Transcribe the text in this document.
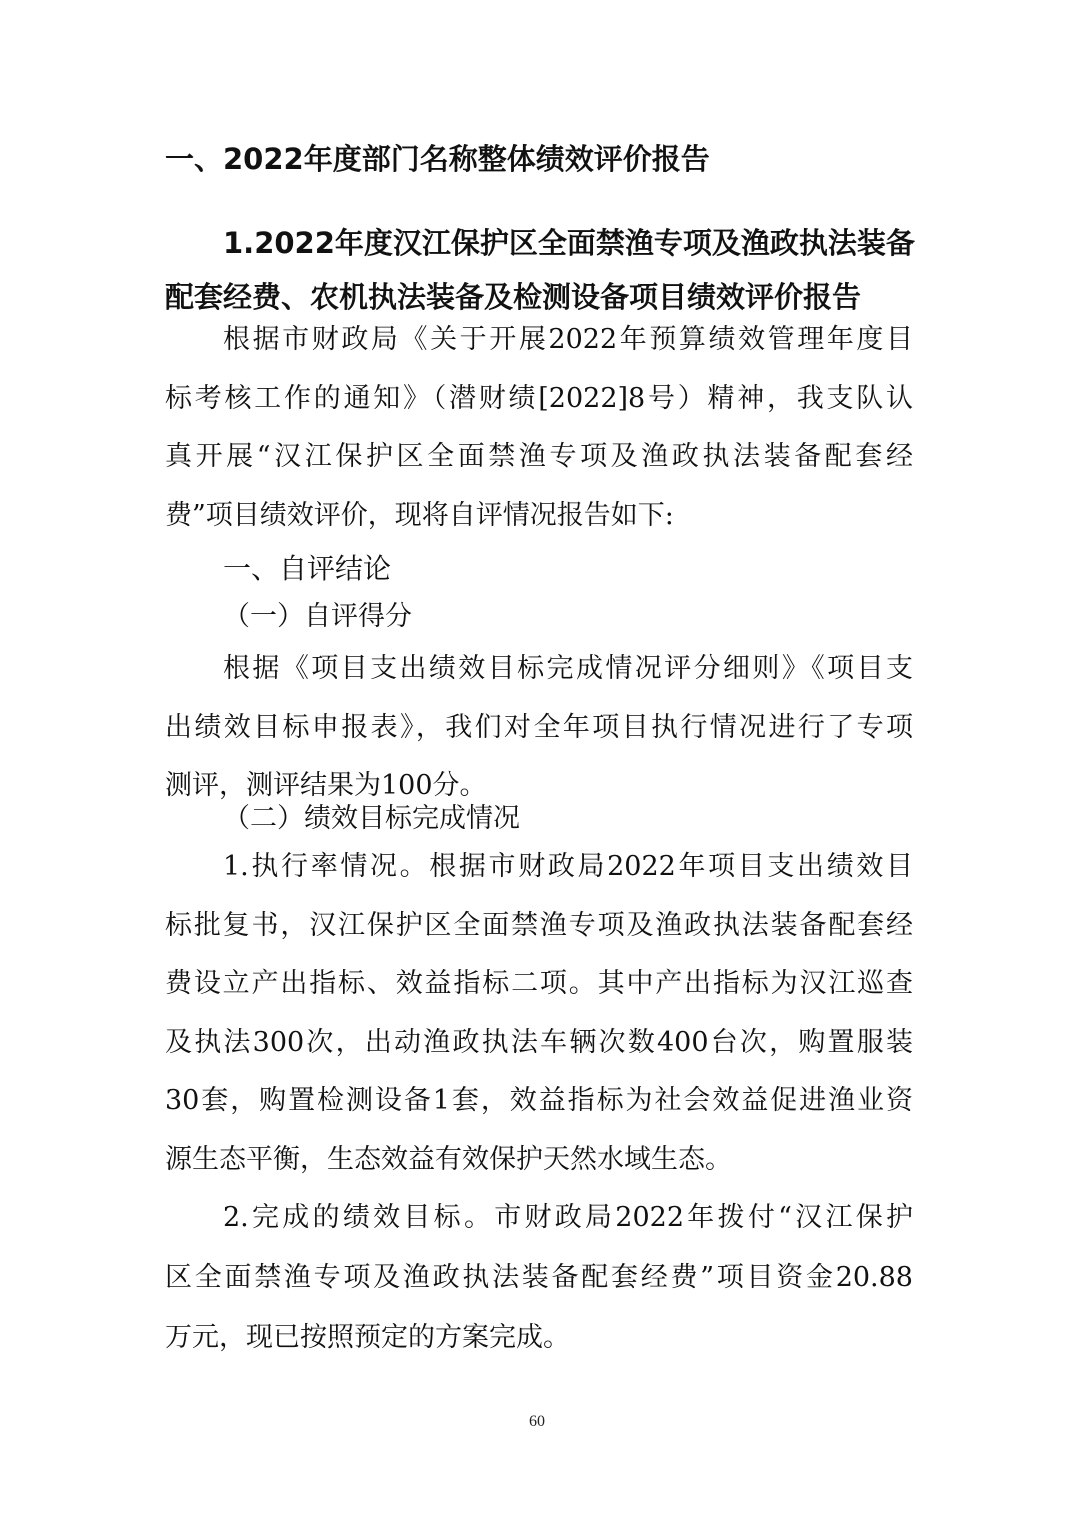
一、2022年度部门名称整体绩效评价报告
1.2022年度汉江保护区全面禁渔专项及渔政执法装备
配套经费、农机执法装备及检测设备项目绩效评价报告
根据市财政局《关于开展2022年预算绩效管理年度目
标考核工作的通知》（潜财绩[2022]8号）精神，我支队认
真开展“汉江保护区全面禁渔专项及渔政执法装备配套经
费”项目绩效评价，现将自评情况报告如下:
一、自评结论
（一）自评得分
根据《项目支出绩效目标完成情况评分细则》《项目支
出绩效目标申报表》，我们对全年项目执行情况进行了专项
测评，测评结果为100分。
（二）绩效目标完成情况
1.执行率情况。根据市财政局2022年项目支出绩效目
标批复书，汉江保护区全面禁渔专项及渔政执法装备配套经
费设立产出指标、效益指标二项。其中产出指标为汉江巡查
及执法300次，出动渔政执法车辆次数400台次，购置服装
30套，购置检测设备1套，效益指标为社会效益促进渔业资
源生态平衡，生态效益有效保护天然水域生态。
2.完成的绩效目标。市财政局2022年拨付“汉江保护
区全面禁渔专项及渔政执法装备配套经费”项目资金20.88
万元，现已按照预定的方案完成。
60
